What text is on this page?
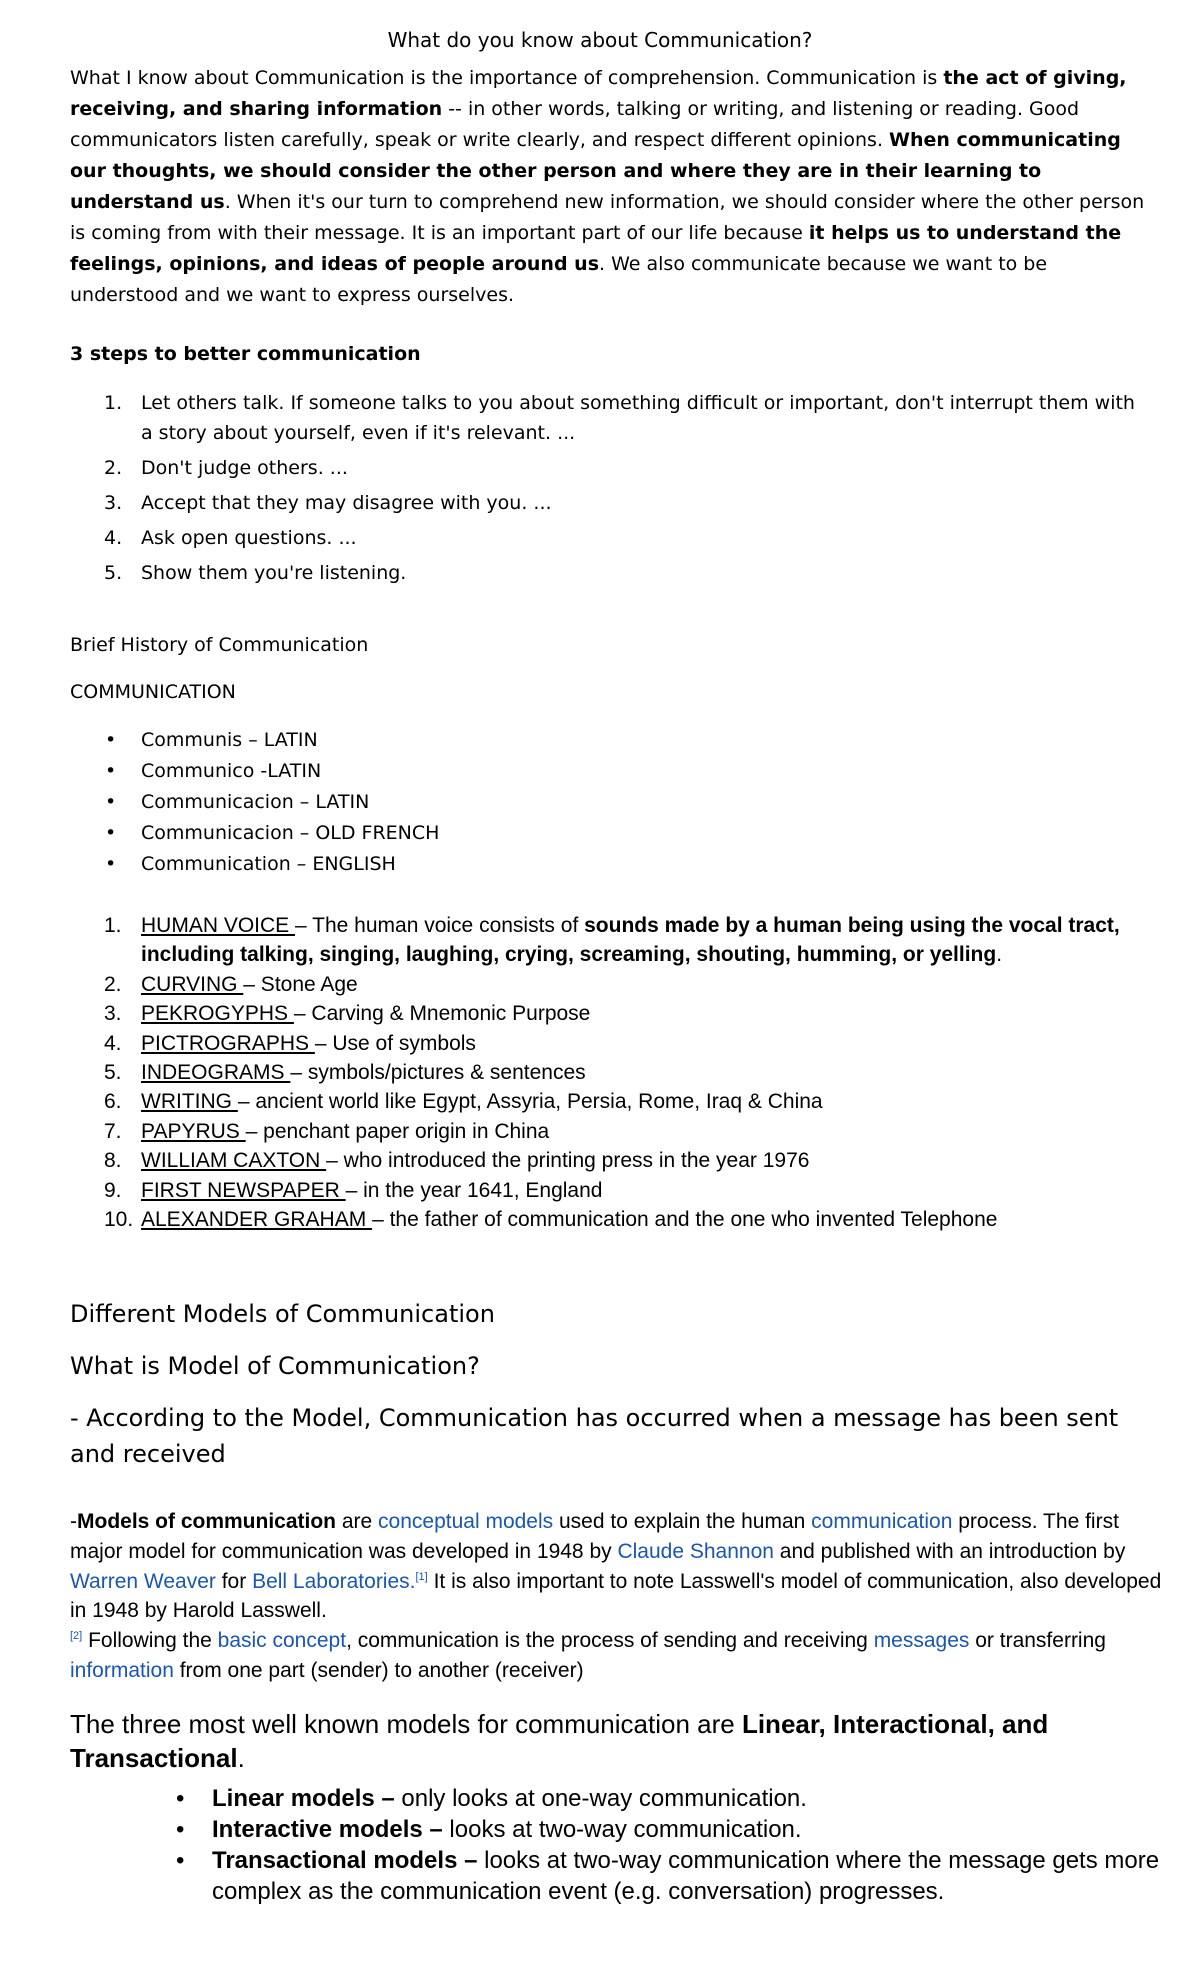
What do you know about Communication?

What I know about Communication is the importance of comprehension. Communication is the act of giving, receiving, and sharing information -- in other words, talking or writing, and listening or reading. Good communicators listen carefully, speak or write clearly, and respect different opinions. When communicating our thoughts, we should consider the other person and where they are in their learning to understand us. When it's our turn to comprehend new information, we should consider where the other person is coming from with their message. It is an important part of our life because it helps us to understand the feelings, opinions, and ideas of people around us. We also communicate because we want to be understood and we want to express ourselves.

3 steps to better communication

1. Let others talk. If someone talks to you about something difficult or important, don't interrupt them with a story about yourself, even if it's relevant. ...
2. Don't judge others. ...
3. Accept that they may disagree with you. ...
4. Ask open questions. ...
5. Show them you're listening.

Brief History of Communication

COMMUNICATION

• Communis – LATIN
• Communico -LATIN
• Communicacion – LATIN
• Communicacion – OLD FRENCH
• Communication – ENGLISH
1. HUMAN VOICE – The human voice consists of sounds made by a human being using the vocal tract, including talking, singing, laughing, crying, screaming, shouting, humming, or yelling.
2. CURVING – Stone Age
3. PEKROGYPHS – Carving & Mnemonic Purpose
4. PICTROGRAPHS – Use of symbols
5. INDEOGRAMS – symbols/pictures & sentences
6. WRITING – ancient world like Egypt, Assyria, Persia, Rome, Iraq & China
7. PAPYRUS – penchant paper origin in China
8. WILLIAM CAXTON – who introduced the printing press in the year 1976
9. FIRST NEWSPAPER – in the year 1641, England
10. ALEXANDER GRAHAM – the father of communication and the one who invented Telephone

Different Models of Communication

What is Model of Communication?

- According to the Model, Communication has occurred when a message has been sent and received

-Models of communication are conceptual models used to explain the human communication process. The first major model for communication was developed in 1948 by Claude Shannon and published with an introduction by Warren Weaver for Bell Laboratories.[1] It is also important to note Lasswell's model of communication, also developed in 1948 by Harold Lasswell.
[2] Following the basic concept, communication is the process of sending and receiving messages or transferring information from one part (sender) to another (receiver)

The three most well known models for communication are Linear, Interactional, and Transactional.

• Linear models – only looks at one-way communication.
• Interactive models – looks at two-way communication.
• Transactional models – looks at two-way communication where the message gets more complex as the communication event (e.g. conversation) progresses.
